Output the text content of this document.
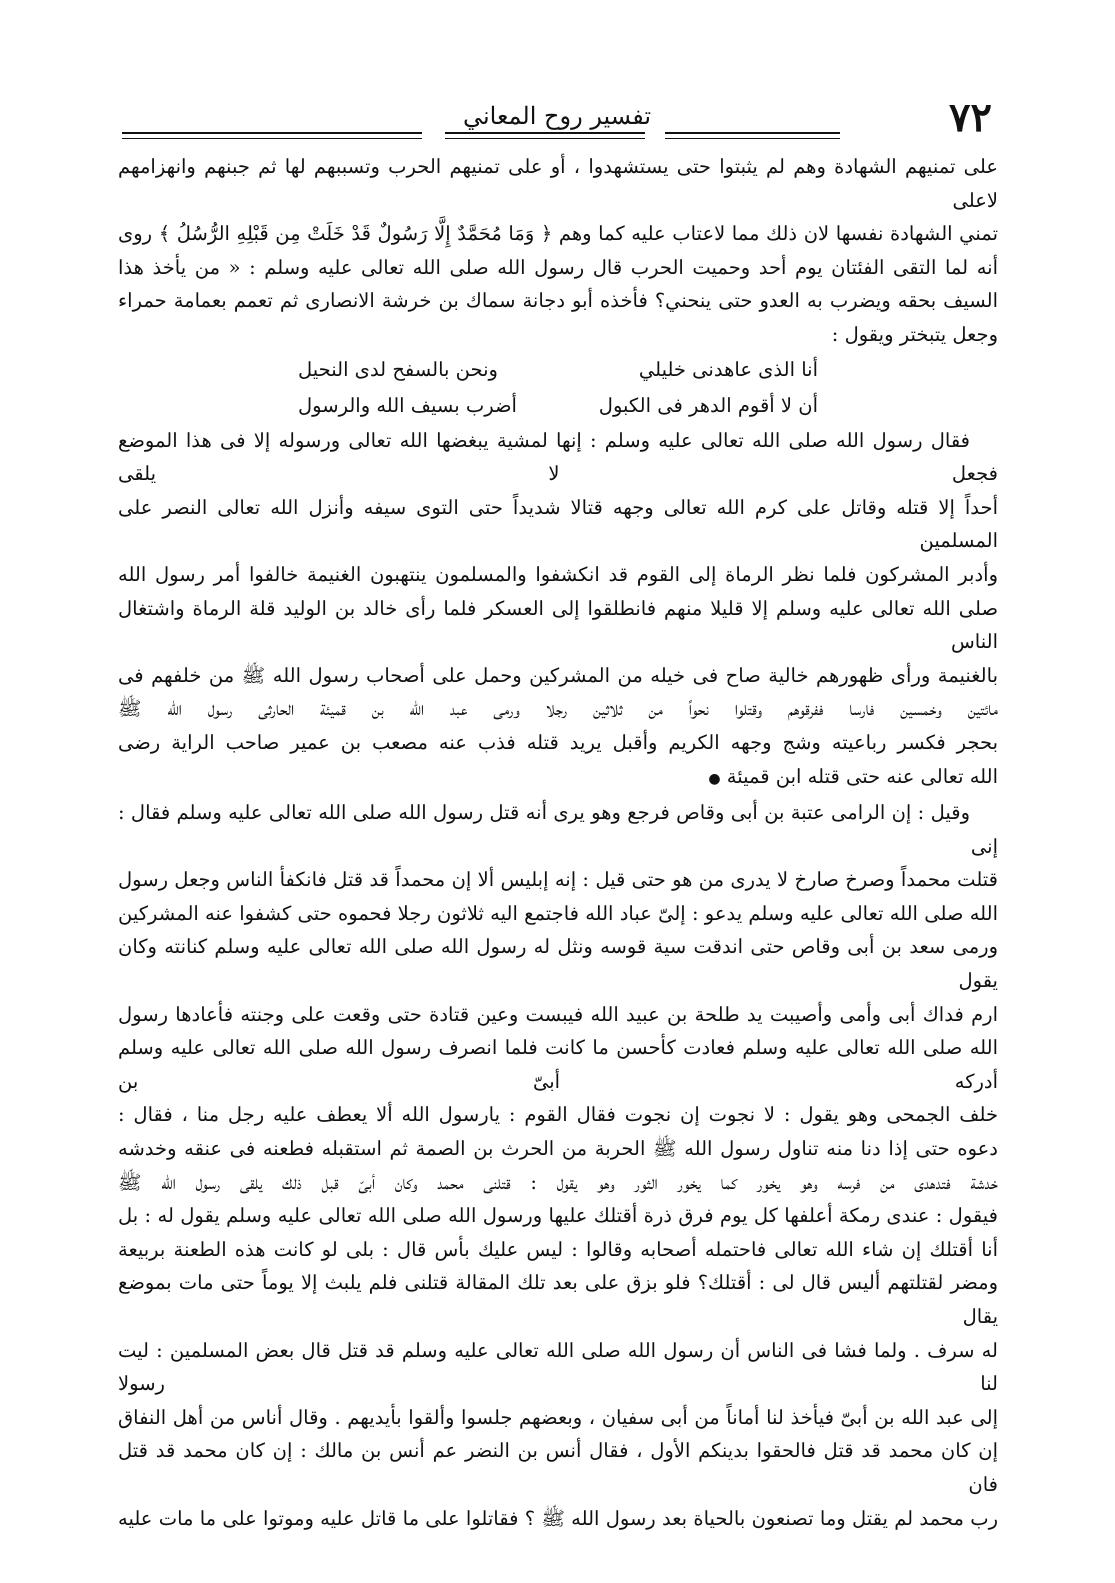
٧٢
تفسير روح المعاني

على تمنيهم الشهادة وهم لم يثبتوا حتى يستشهدوا ، أو على تمنيهم الحرب وتسببهم لها ثم جبنهم وانهزامهم لاعلى

تمني الشهادة نفسها لان ذلك مما لاعتاب عليه كما وهم ﴿ وَمَا مُحَمَّدٌ إِلَّا رَسُولٌ قَدْ خَلَتْ مِن قَبْلِهِ الرُّسُلُ ﴾ روى

أنه لما التقى الفئتان يوم أحد وحميت الحرب قال رسول الله صلى الله تعالى عليه وسلم : « من يأخذ هذا

السيف بحقه ويضرب به العدو حتى ينحني؟ فأخذه أبو دجانة سماك بن خرشة الانصارى ثم تعمم بعمامة حمراء

وجعل يتبختر ويقول :

أنا الذى عاهدنى خليلي
ونحن بالسفح لدى النحيل
أن لا أقوم الدهر فى الكبول
أضرب بسيف الله والرسول

فقال رسول الله صلى الله تعالى عليه وسلم : إنها لمشية يبغضها الله تعالى ورسوله إلا فى هذا الموضع فجعل لا يلقى

أحداً إلا قتله وقاتل على كرم الله تعالى وجهه قتالا شديداً حتى التوى سيفه وأنزل الله تعالى النصر على المسلمين

وأدبر المشركون فلما نظر الرماة إلى القوم قد انكشفوا والمسلمون ينتهبون الغنيمة خالفوا أمر رسول الله

صلى الله تعالى عليه وسلم إلا قليلا منهم فانطلقوا إلى العسكر فلما رأى خالد بن الوليد قلة الرماة واشتغال الناس

بالغنيمة ورأى ظهورهم خالية صاح فى خيله من المشركين وحمل على أصحاب رسول الله ﷺ من خلفهم فى

مائتين وخمسين فارسا ففرقوهم وقتلوا نحواً من ثلاثين رجلا ورمى عبد الله بن قميئة الحارثى رسول الله ﷺ

بحجر فكسر رباعيته وشج وجهه الكريم وأقبل يريد قتله فذب عنه مصعب بن عمير صاحب الراية رضى

الله تعالى عنه حتى قتله ابن قميئة ●

وقيل : إن الرامى عتبة بن أبى وقاص فرجع وهو يرى أنه قتل رسول الله صلى الله تعالى عليه وسلم فقال : إنى

قتلت محمداً وصرخ صارخ لا يدرى من هو حتى قيل : إنه إبليس ألا إن محمداً قد قتل فانكفأ الناس وجعل رسول

الله صلى الله تعالى عليه وسلم يدعو : إلىّ عباد الله فاجتمع اليه ثلاثون رجلا فحموه حتى كشفوا عنه المشركين

ورمى سعد بن أبى وقاص حتى اندقت سية قوسه ونثل له رسول الله صلى الله تعالى عليه وسلم كنانته وكان يقول

ارم فداك أبى وأمى وأصيبت يد طلحة بن عبيد الله فيبست وعين قتادة حتى وقعت على وجنته فأعادها رسول

الله صلى الله تعالى عليه وسلم فعادت كأحسن ما كانت فلما انصرف رسول الله صلى الله تعالى عليه وسلم أدركه أبىّ بن

خلف الجمحى وهو يقول : لا نجوت إن نجوت فقال القوم : يارسول الله ألا يعطف عليه رجل منا ، فقال :

دعوه حتى إذا دنا منه تناول رسول الله ﷺ الحربة من الحرث بن الصمة ثم استقبله فطعنه فى عنقه وخدشه

خدشة فتدهدى من فرسه وهو يخور كما يخور الثور وهو يقول : قتلنى محمد وكان أبىّ قبل ذلك يلقى رسول الله ﷺ

فيقول : عندى رمكة أعلفها كل يوم فرق ذرة أقتلك عليها ورسول الله صلى الله تعالى عليه وسلم يقول له : بل

أنا أقتلك إن شاء الله تعالى فاحتمله أصحابه وقالوا : ليس عليك بأس قال : بلى لو كانت هذه الطعنة بربيعة

ومضر لقتلتهم أليس قال لى : أقتلك؟ فلو بزق على بعد تلك المقالة قتلنى فلم يلبث إلا يوماً حتى مات بموضع يقال

له سرف . ولما فشا فى الناس أن رسول الله صلى الله تعالى عليه وسلم قد قتل قال بعض المسلمين : ليت لنا رسولا

إلى عبد الله بن أبىّ فيأخذ لنا أماناً من أبى سفيان ، وبعضهم جلسوا وألقوا بأيديهم . وقال أناس من أهل النفاق

إن كان محمد قد قتل فالحقوا بدينكم الأول ، فقال أنس بن النضر عم أنس بن مالك : إن كان محمد قد قتل فان

رب محمد لم يقتل وما تصنعون بالحياة بعد رسول الله ﷺ ؟ فقاتلوا على ما قاتل عليه وموتوا على ما مات عليه
